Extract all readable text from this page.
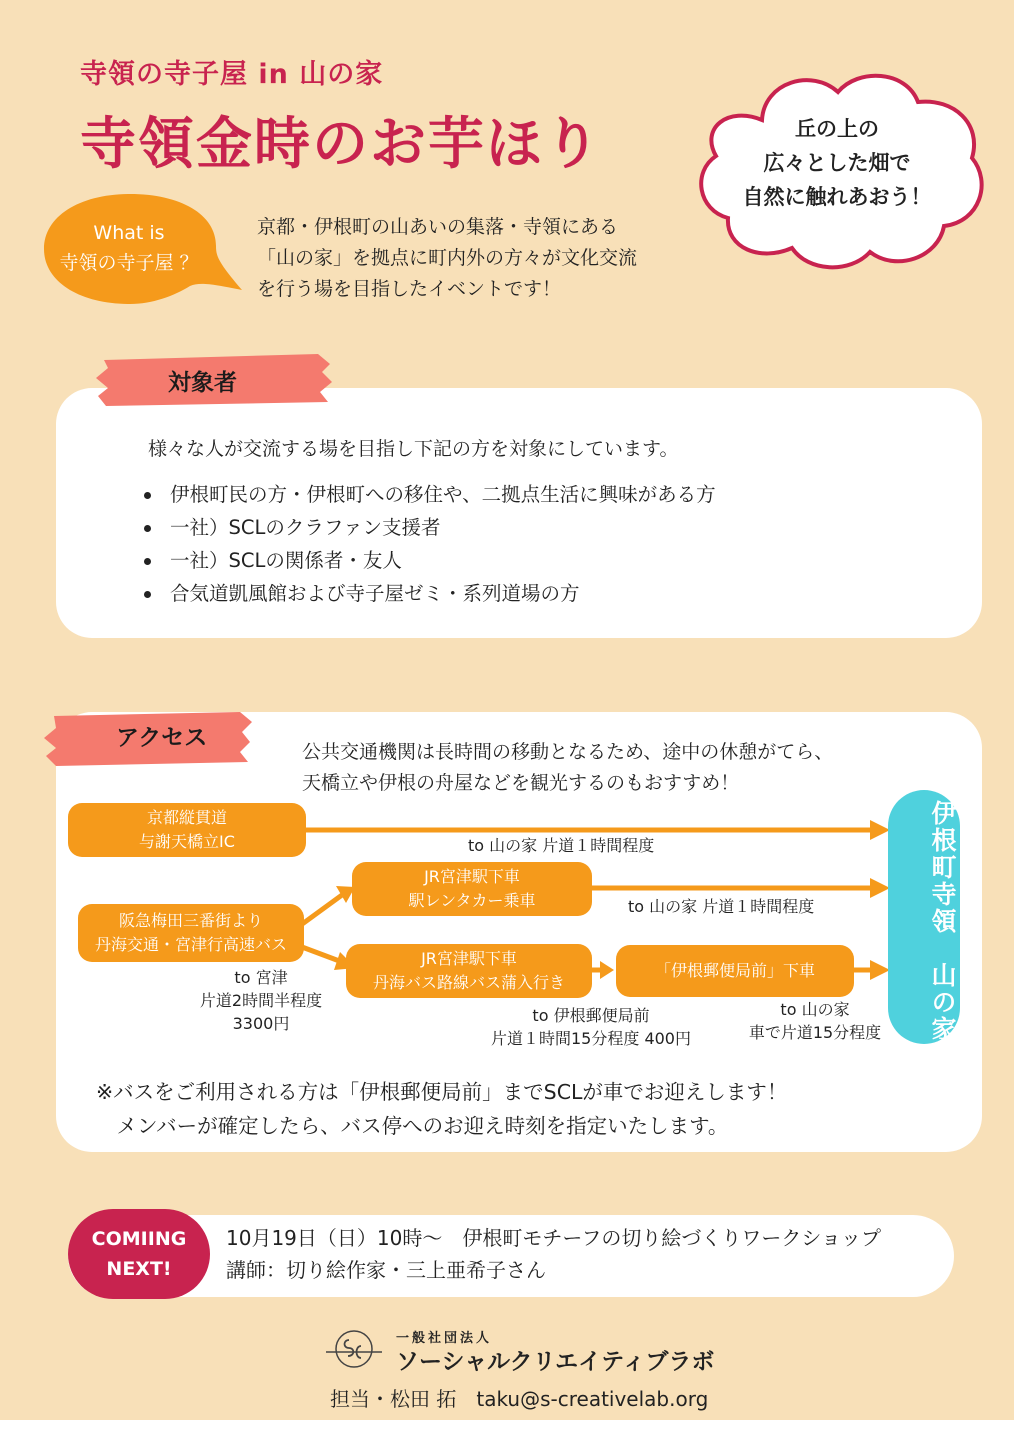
寺領の寺子屋 in 山の家
寺領金時のお芋ほり	丘の上の
広々とした畑で
自然に触れあおう！
What is
寺領の寺子屋 ？
京都・伊根町の山あいの集落・寺領にある
「山の家」を拠点に町内外の方々が文化交流
を行う場を目指したイベントです！
対象者
様々な人が交流する場を目指し下記の方を対象にしています。
伊根町民の方・伊根町への移住や、二拠点生活に興味がある方
一社）SCLのクラファン支援者
一社）SCLの関係者・友人
合気道凱風館および寺子屋ゼミ・系列道場の方
アクセス
公共交通機関は長時間の移動となるため、途中の休憩がてら、
天橋立や伊根の舟屋などを観光するのもおすすめ！
京都縦貫道
与謝天橋立IC
阪急梅田三番街より
丹海交通・宮津行高速バス
JR宮津駅下車
駅レンタカー乗車
JR宮津駅下車
丹海バス路線バス蒲入行き
「伊根郵便局前」下車	伊根町寺領　山の家
to 山の家 片道１時間程度
to 山の家 片道１時間程度
to 宮津
片道2時間半程度
3300円	to 伊根郵便局前
片道１時間15分程度 400円
to 山の家
車で片道15分程度
※バスをご利用される方は「伊根郵便局前」までSCLが車でお迎えします！
　メンバーが確定したら、バス停へのお迎え時刻を指定いたします。
COMIING
NEXT!
10月19日（日）10時〜　伊根町モチーフの切り絵づくりワークショップ
講師：切り絵作家・三上亜希子さん
一般社団法人
ソーシャルクリエイティブラボ
担当・松田 拓　taku@s-creativelab.org
